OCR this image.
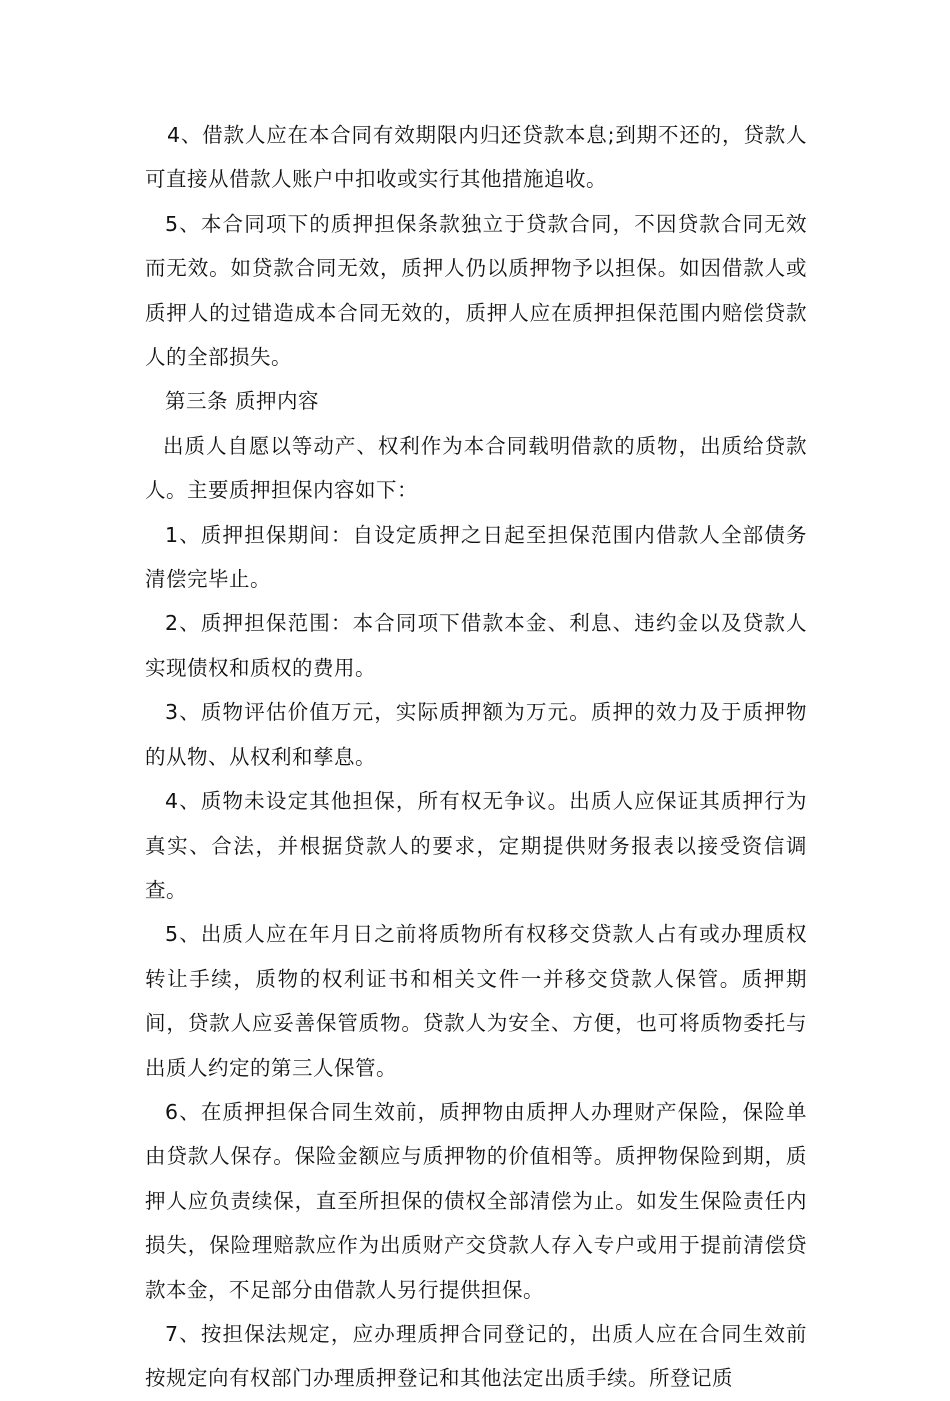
4、借款人应在本合同有效期限内归还贷款本息;到期不还的，贷款人可直接从借款人账户中扣收或实行其他措施追收。

5、本合同项下的质押担保条款独立于贷款合同，不因贷款合同无效而无效。如贷款合同无效，质押人仍以质押物予以担保。如因借款人或质押人的过错造成本合同无效的，质押人应在质押担保范围内赔偿贷款人的全部损失。

第三条 质押内容

出质人自愿以等动产、权利作为本合同载明借款的质物，出质给贷款人。主要质押担保内容如下：

1、质押担保期间：自设定质押之日起至担保范围内借款人全部债务清偿完毕止。

2、质押担保范围：本合同项下借款本金、利息、违约金以及贷款人实现债权和质权的费用。

3、质物评估价值万元，实际质押额为万元。质押的效力及于质押物的从物、从权利和孳息。

4、质物未设定其他担保，所有权无争议。出质人应保证其质押行为真实、合法，并根据贷款人的要求，定期提供财务报表以接受资信调查。

5、出质人应在年月日之前将质物所有权移交贷款人占有或办理质权转让手续，质物的权利证书和相关文件一并移交贷款人保管。质押期间，贷款人应妥善保管质物。贷款人为安全、方便，也可将质物委托与出质人约定的第三人保管。

6、在质押担保合同生效前，质押物由质押人办理财产保险，保险单由贷款人保存。保险金额应与质押物的价值相等。质押物保险到期，质押人应负责续保，直至所担保的债权全部清偿为止。如发生保险责任内损失，保险理赔款应作为出质财产交贷款人存入专户或用于提前清偿贷款本金，不足部分由借款人另行提供担保。

7、按担保法规定，应办理质押合同登记的，出质人应在合同生效前按规定向有权部门办理质押登记和其他法定出质手续。所登记质
